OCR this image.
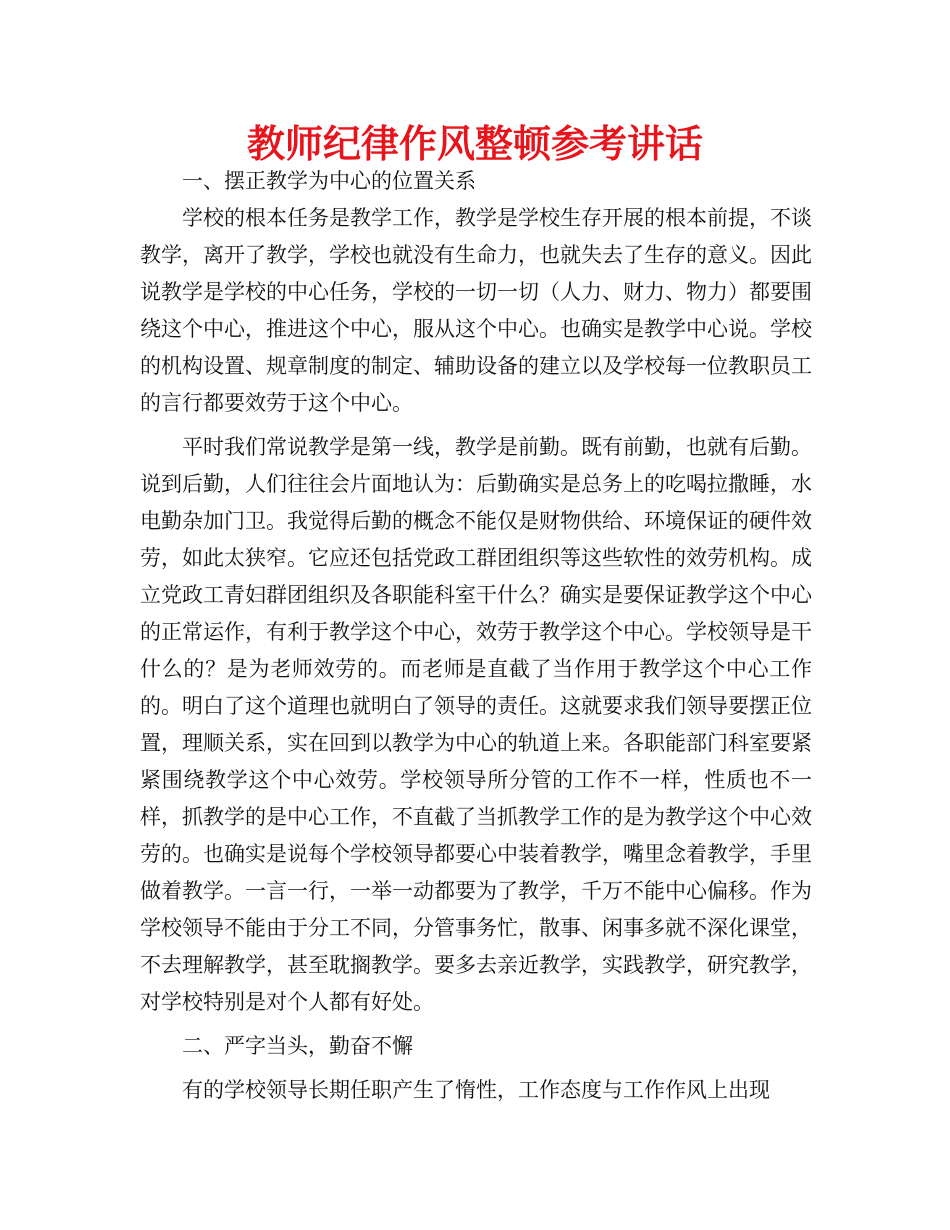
教师纪律作风整顿参考讲话

一、摆正教学为中心的位置关系

学校的根本任务是教学工作，教学是学校生存开展的根本前提，不谈教学，离开了教学，学校也就没有生命力，也就失去了生存的意义。因此说教学是学校的中心任务，学校的一切一切（人力、财力、物力）都要围绕这个中心，推进这个中心，服从这个中心。也确实是教学中心说。学校的机构设置、规章制度的制定、辅助设备的建立以及学校每一位教职员工的言行都要效劳于这个中心。

平时我们常说教学是第一线，教学是前勤。既有前勤，也就有后勤。说到后勤，人们往往会片面地认为：后勤确实是总务上的吃喝拉撒睡，水电勤杂加门卫。我觉得后勤的概念不能仅是财物供给、环境保证的硬件效劳，如此太狭窄。它应还包括党政工群团组织等这些软性的效劳机构。成立党政工青妇群团组织及各职能科室干什么？确实是要保证教学这个中心的正常运作，有利于教学这个中心，效劳于教学这个中心。学校领导是干什么的？是为老师效劳的。而老师是直截了当作用于教学这个中心工作的。明白了这个道理也就明白了领导的责任。这就要求我们领导要摆正位置，理顺关系，实在回到以教学为中心的轨道上来。各职能部门科室要紧紧围绕教学这个中心效劳。学校领导所分管的工作不一样，性质也不一样，抓教学的是中心工作，不直截了当抓教学工作的是为教学这个中心效劳的。也确实是说每个学校领导都要心中装着教学，嘴里念着教学，手里做着教学。一言一行，一举一动都要为了教学，千万不能中心偏移。作为学校领导不能由于分工不同，分管事务忙，散事、闲事多就不深化课堂，不去理解教学，甚至耽搁教学。要多去亲近教学，实践教学，研究教学，对学校特别是对个人都有好处。

二、严字当头，勤奋不懈

有的学校领导长期任职产生了惰性，工作态度与工作作风上出现
